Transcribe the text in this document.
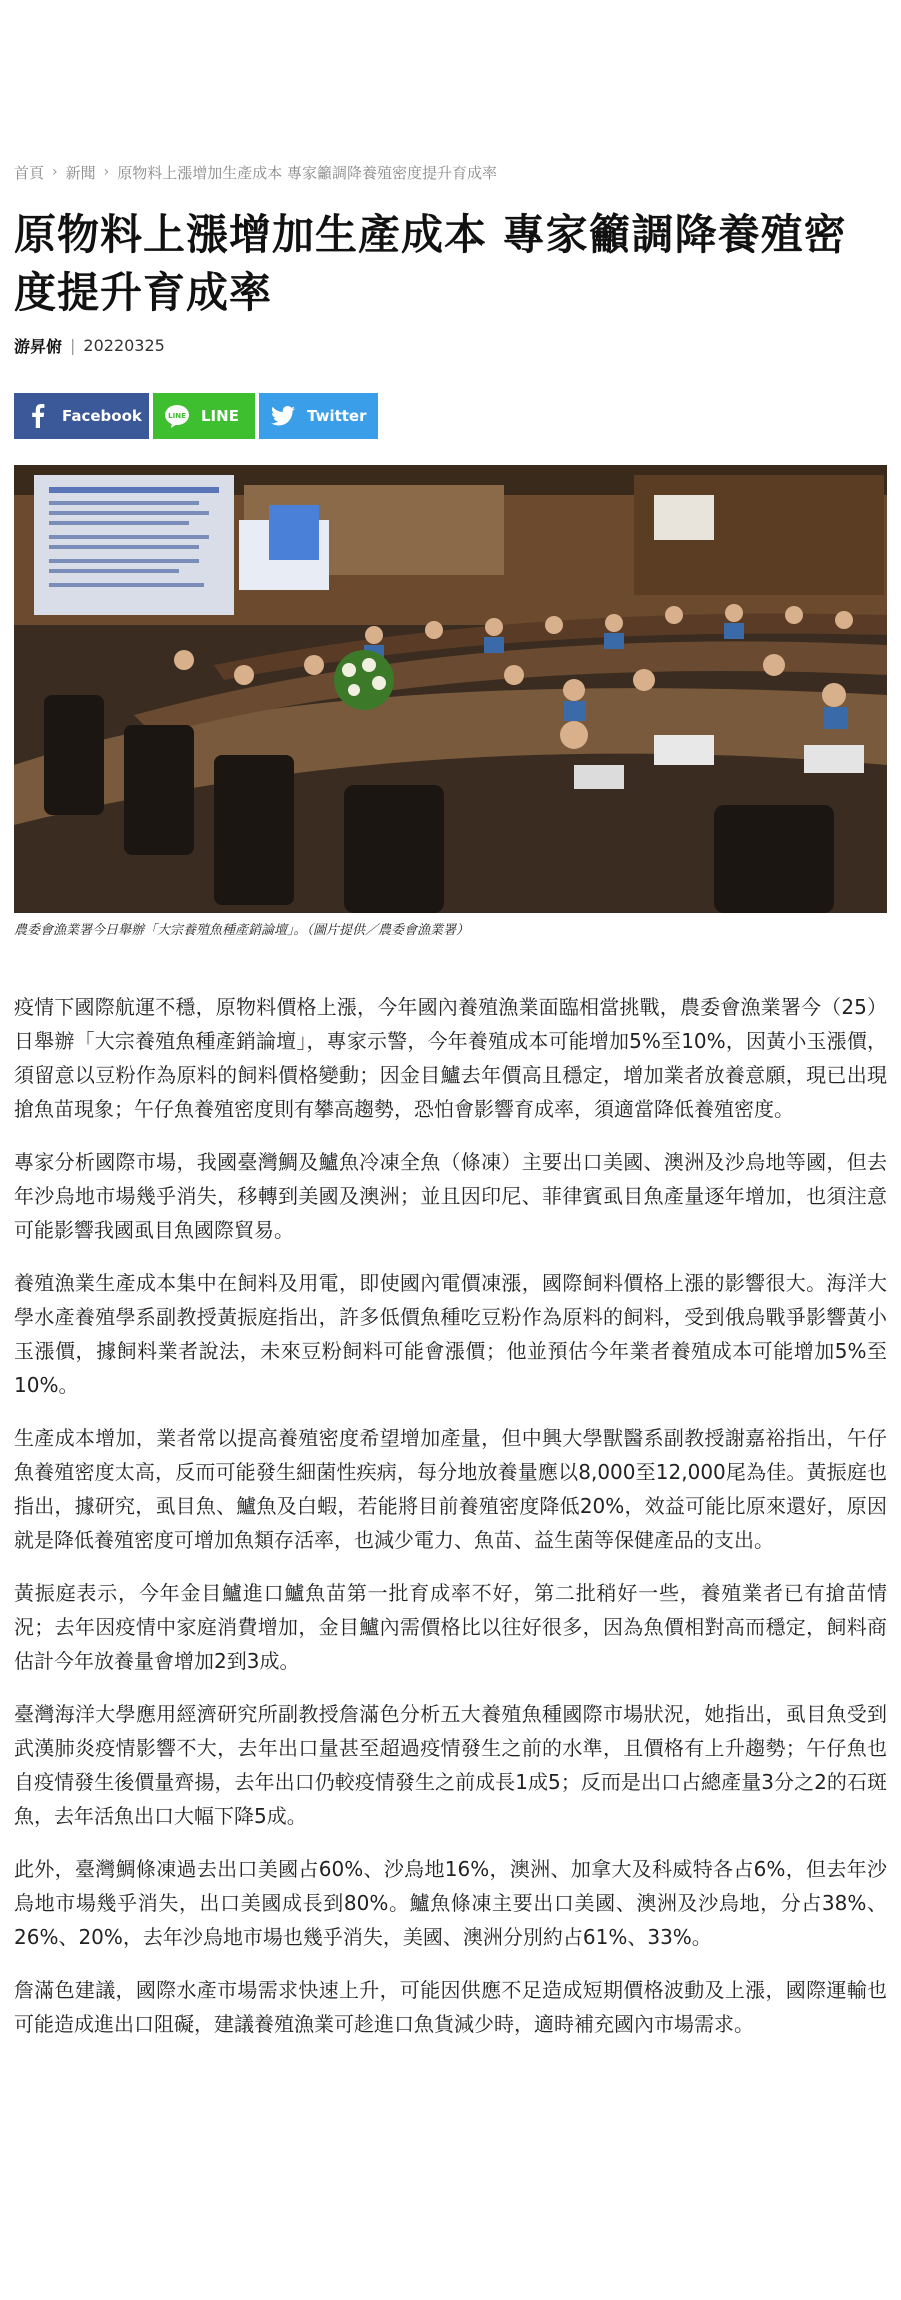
首頁 › 新聞 › 原物料上漲增加生產成本 專家籲調降養殖密度提升育成率
原物料上漲增加生產成本 專家籲調降養殖密度提升育成率
游昇俯 | 20220325
Facebook	LINE LINE	Twitter

農委會漁業署今日舉辦「大宗養殖魚種產銷論壇」。（圖片提供／農委會漁業署）

疫情下國際航運不穩，原物料價格上漲，今年國內養殖漁業面臨相當挑戰，農委會漁業署今（25）日舉辦「大宗養殖魚種產銷論壇」，專家示警，今年養殖成本可能增加5%至10%，因黃小玉漲價，須留意以豆粉作為原料的飼料價格變動；因金目鱸去年價高且穩定，增加業者放養意願，現已出現搶魚苗現象；午仔魚養殖密度則有攀高趨勢，恐怕會影響育成率，須適當降低養殖密度。

專家分析國際市場，我國臺灣鯛及鱸魚冷凍全魚（條凍）主要出口美國、澳洲及沙烏地等國，但去年沙烏地市場幾乎消失，移轉到美國及澳洲；並且因印尼、菲律賓虱目魚產量逐年增加，也須注意可能影響我國虱目魚國際貿易。

養殖漁業生產成本集中在飼料及用電，即使國內電價凍漲，國際飼料價格上漲的影響很大。海洋大學水產養殖學系副教授黃振庭指出，許多低價魚種吃豆粉作為原料的飼料，受到俄烏戰爭影響黃小玉漲價，據飼料業者說法，未來豆粉飼料可能會漲價；他並預估今年業者養殖成本可能增加5%至10%。

生產成本增加，業者常以提高養殖密度希望增加產量，但中興大學獸醫系副教授謝嘉裕指出，午仔魚養殖密度太高，反而可能發生細菌性疾病，每分地放養量應以8,000至12,000尾為佳。黃振庭也指出，據研究，虱目魚、鱸魚及白蝦，若能將目前養殖密度降低20%，效益可能比原來還好，原因就是降低養殖密度可增加魚類存活率，也減少電力、魚苗、益生菌等保健產品的支出。

黃振庭表示，今年金目鱸進口鱸魚苗第一批育成率不好，第二批稍好一些，養殖業者已有搶苗情況；去年因疫情中家庭消費增加，金目鱸內需價格比以往好很多，因為魚價相對高而穩定，飼料商估計今年放養量會增加2到3成。

臺灣海洋大學應用經濟研究所副教授詹滿色分析五大養殖魚種國際市場狀況，她指出，虱目魚受到武漢肺炎疫情影響不大，去年出口量甚至超過疫情發生之前的水準，且價格有上升趨勢；午仔魚也自疫情發生後價量齊揚，去年出口仍較疫情發生之前成長1成5；反而是出口占總產量3分之2的石斑魚，去年活魚出口大幅下降5成。

此外，臺灣鯛條凍過去出口美國占60%、沙烏地16%，澳洲、加拿大及科威特各占6%，但去年沙烏地市場幾乎消失，出口美國成長到80%。鱸魚條凍主要出口美國、澳洲及沙烏地，分占38%、26%、20%，去年沙烏地市場也幾乎消失，美國、澳洲分別約占61%、33%。

詹滿色建議，國際水產市場需求快速上升，可能因供應不足造成短期價格波動及上漲，國際運輸也可能造成進出口阻礙，建議養殖漁業可趁進口魚貨減少時，適時補充國內市場需求。
